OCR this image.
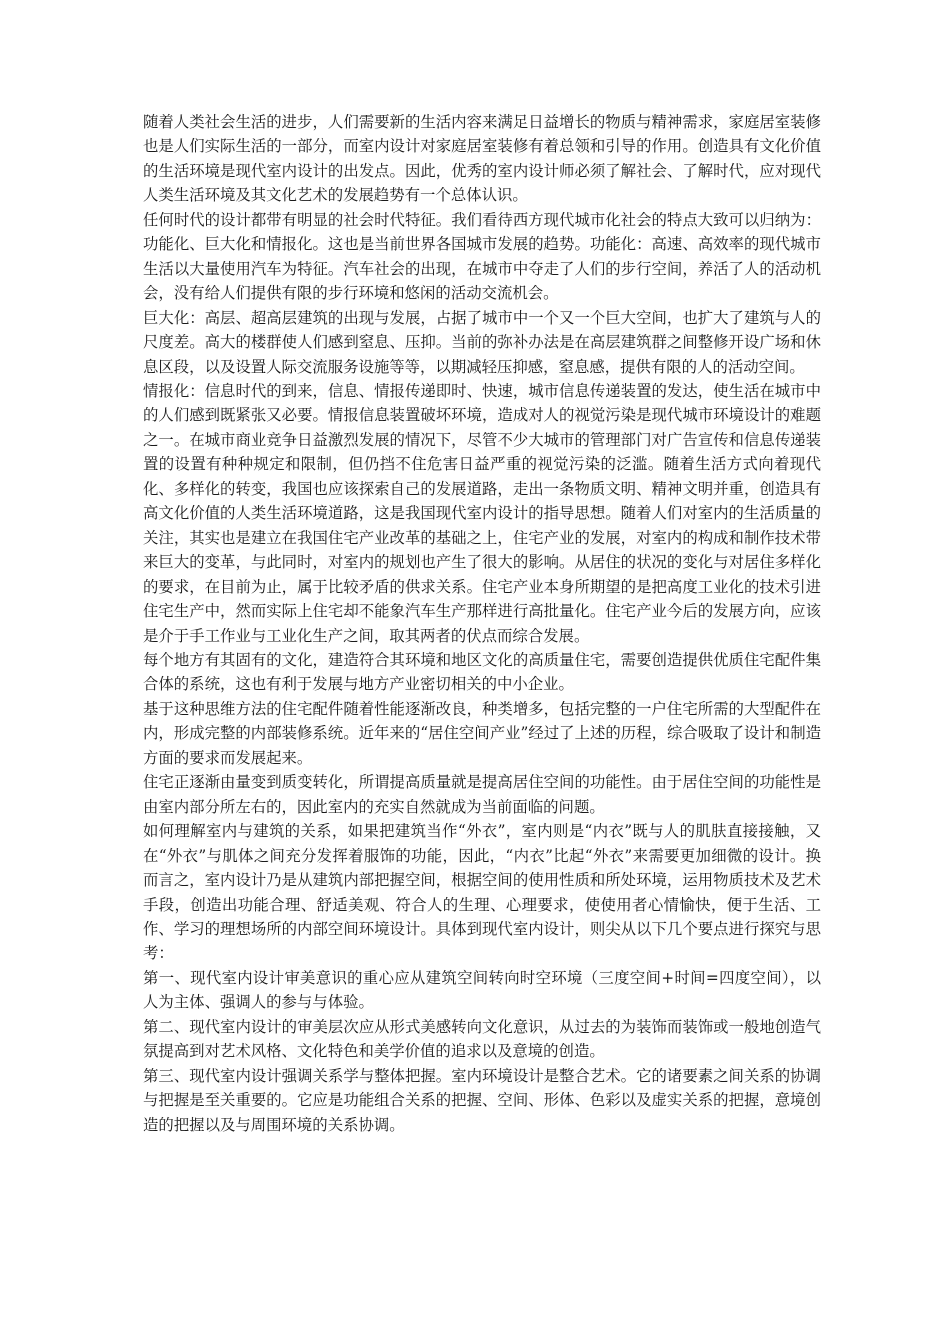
随着人类社会生活的进步，人们需要新的生活内容来满足日益增长的物质与精神需求，家庭居室装修也是人们实际生活的一部分，而室内设计对家庭居室装修有着总领和引导的作用。创造具有文化价值的生活环境是现代室内设计的出发点。因此，优秀的室内设计师必须了解社会、了解时代，应对现代人类生活环境及其文化艺术的发展趋势有一个总体认识。

任何时代的设计都带有明显的社会时代特征。我们看待西方现代城市化社会的特点大致可以归纳为：功能化、巨大化和情报化。这也是当前世界各国城市发展的趋势。功能化：高速、高效率的现代城市生活以大量使用汽车为特征。汽车社会的出现，在城市中夺走了人们的步行空间，养活了人的活动机会，没有给人们提供有限的步行环境和悠闲的活动交流机会。

巨大化：高层、超高层建筑的出现与发展，占据了城市中一个又一个巨大空间，也扩大了建筑与人的尺度差。高大的楼群使人们感到窒息、压抑。当前的弥补办法是在高层建筑群之间整修开设广场和休息区段，以及设置人际交流服务设施等等，以期减轻压抑感，窒息感，提供有限的人的活动空间。

情报化：信息时代的到来，信息、情报传递即时、快速，城市信息传递装置的发达，使生活在城市中的人们感到既紧张又必要。情报信息装置破坏环境，造成对人的视觉污染是现代城市环境设计的难题之一。在城市商业竞争日益激烈发展的情况下，尽管不少大城市的管理部门对广告宣传和信息传递装置的设置有种种规定和限制，但仍挡不住危害日益严重的视觉污染的泛滥。随着生活方式向着现代化、多样化的转变，我国也应该探索自己的发展道路，走出一条物质文明、精神文明并重，创造具有高文化价值的人类生活环境道路，这是我国现代室内设计的指导思想。随着人们对室内的生活质量的关注，其实也是建立在我国住宅产业改革的基础之上，住宅产业的发展，对室内的构成和制作技术带来巨大的变革，与此同时，对室内的规划也产生了很大的影响。从居住的状况的变化与对居住多样化的要求，在目前为止，属于比较矛盾的供求关系。住宅产业本身所期望的是把高度工业化的技术引进住宅生产中，然而实际上住宅却不能象汽车生产那样进行高批量化。住宅产业今后的发展方向，应该是介于手工作业与工业化生产之间，取其两者的伏点而综合发展。

每个地方有其固有的文化，建造符合其环境和地区文化的高质量住宅，需要创造提供优质住宅配件集合体的系统，这也有利于发展与地方产业密切相关的中小企业。

基于这种思维方法的住宅配件随着性能逐渐改良，种类增多，包括完整的一户住宅所需的大型配件在内，形成完整的内部装修系统。近年来的“居住空间产业”经过了上述的历程，综合吸取了设计和制造方面的要求而发展起来。

住宅正逐渐由量变到质变转化，所谓提高质量就是提高居住空间的功能性。由于居住空间的功能性是由室内部分所左右的，因此室内的充实自然就成为当前面临的问题。

如何理解室内与建筑的关系，如果把建筑当作“外衣”，室内则是“内衣”既与人的肌肤直接接触，又在“外衣”与肌体之间充分发挥着服饰的功能，因此，“内衣”比起“外衣”来需要更加细微的设计。换而言之，室内设计乃是从建筑内部把握空间，根据空间的使用性质和所处环境，运用物质技术及艺术手段，创造出功能合理、舒适美观、符合人的生理、心理要求，使使用者心情愉快，便于生活、工作、学习的理想场所的内部空间环境设计。具体到现代室内设计，则尖从以下几个要点进行探究与思考：

第一、现代室内设计审美意识的重心应从建筑空间转向时空环境（三度空间+时间=四度空间），以人为主体、强调人的参与与体验。

第二、现代室内设计的审美层次应从形式美感转向文化意识，从过去的为装饰而装饰或一般地创造气氛提高到对艺术风格、文化特色和美学价值的追求以及意境的创造。

第三、现代室内设计强调关系学与整体把握。室内环境设计是整合艺术。它的诸要素之间关系的协调与把握是至关重要的。它应是功能组合关系的把握、空间、形体、色彩以及虚实关系的把握，意境创造的把握以及与周围环境的关系协调。
